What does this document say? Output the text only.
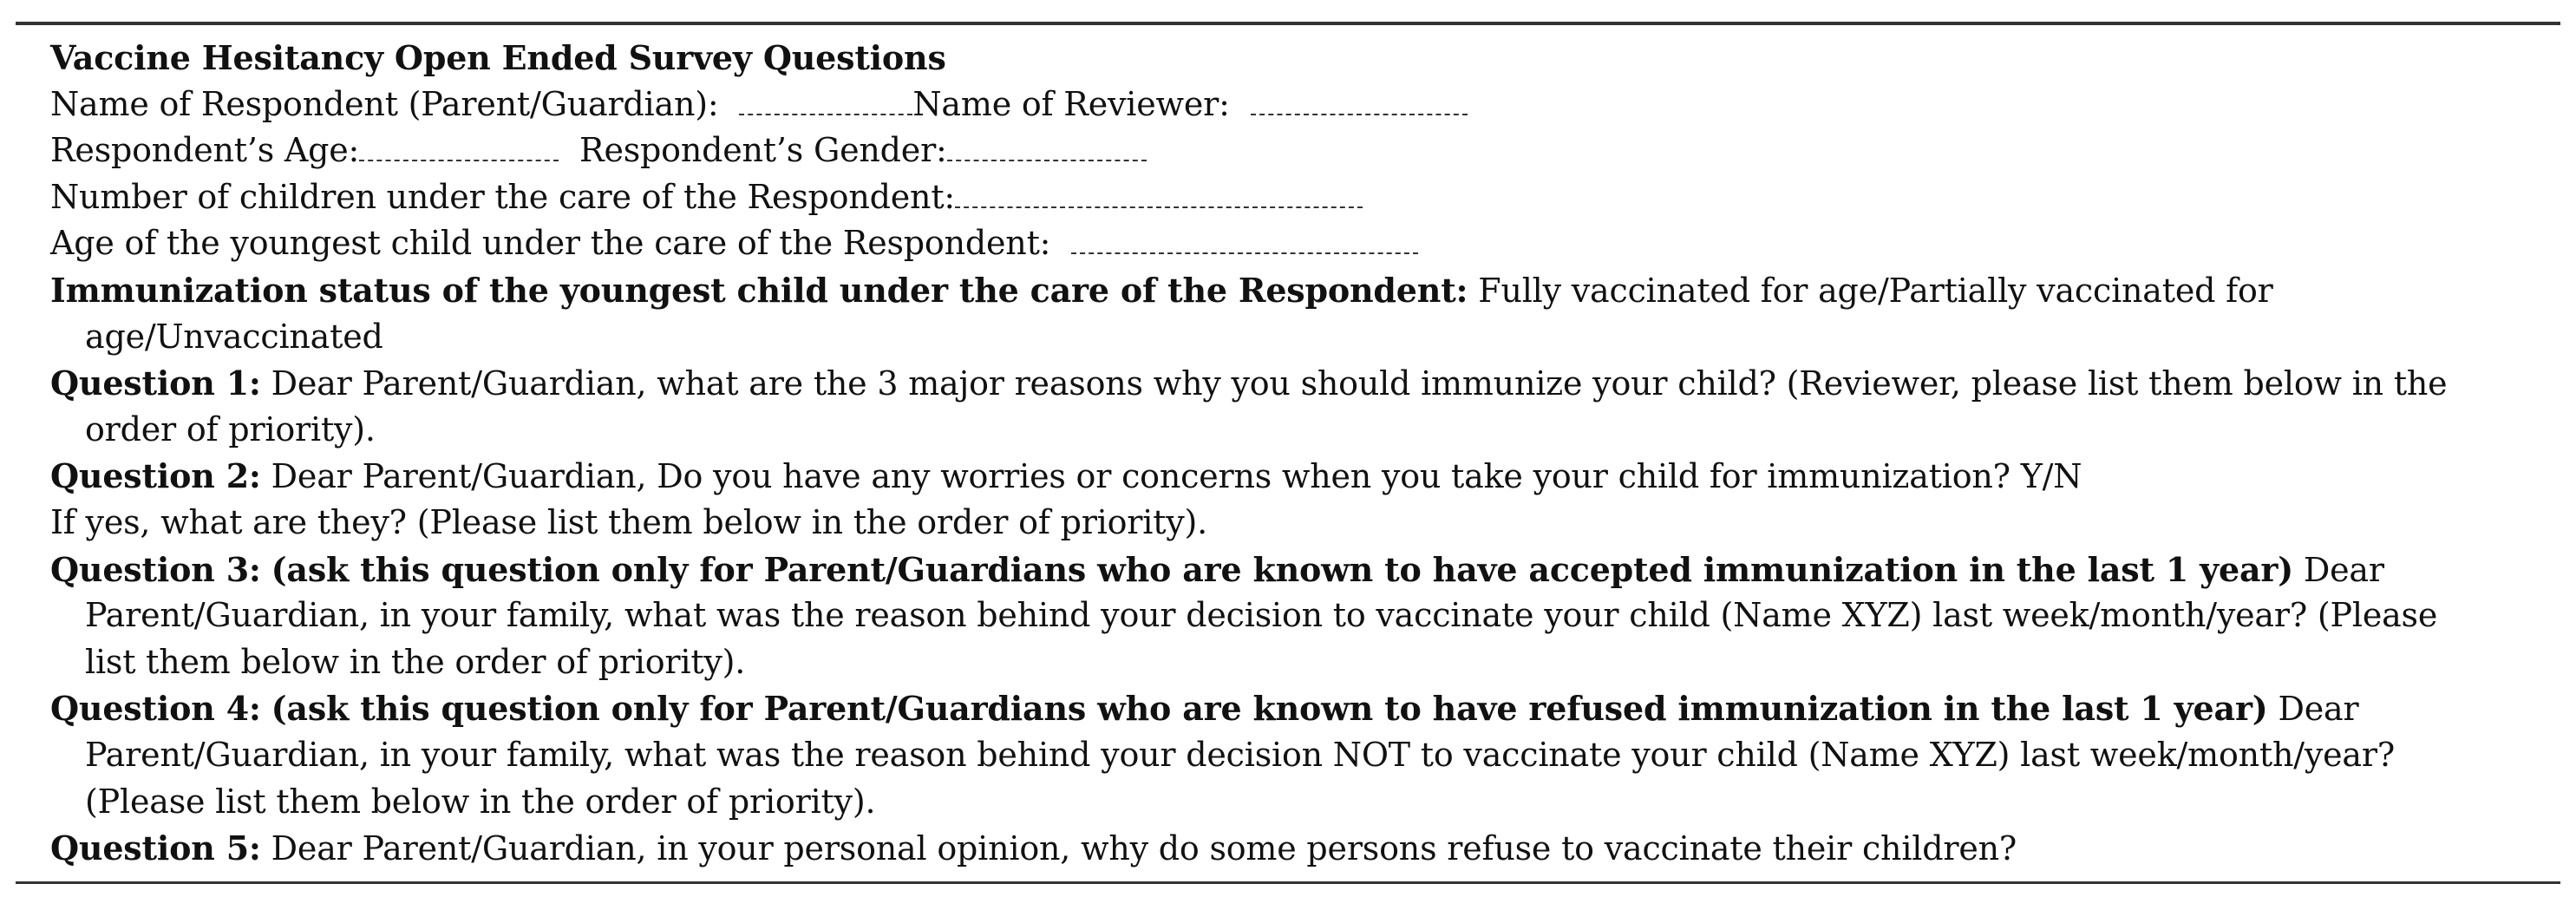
Vaccine Hesitancy Open Ended Survey Questions
Name of Respondent (Parent/Guardian):	Name of Reviewer:
Respondent’s Age:	Respondent’s Gender:
Number of children under the care of the Respondent:
Age of the youngest child under the care of the Respondent:
Immunization status of the youngest child under the care of the Respondent: Fully vaccinated for age/Partially vaccinated for
age/Unvaccinated
Question 1: Dear Parent/Guardian, what are the 3 major reasons why you should immunize your child? (Reviewer, please list them below in the
order of priority).
Question 2: Dear Parent/Guardian, Do you have any worries or concerns when you take your child for immunization? Y/N
If yes, what are they? (Please list them below in the order of priority).
Question 3: (ask this question only for Parent/Guardians who are known to have accepted immunization in the last 1 year) Dear
Parent/Guardian, in your family, what was the reason behind your decision to vaccinate your child (Name XYZ) last week/month/year? (Please
list them below in the order of priority).
Question 4: (ask this question only for Parent/Guardians who are known to have refused immunization in the last 1 year) Dear
Parent/Guardian, in your family, what was the reason behind your decision NOT to vaccinate your child (Name XYZ) last week/month/year?
(Please list them below in the order of priority).
Question 5: Dear Parent/Guardian, in your personal opinion, why do some persons refuse to vaccinate their children?
